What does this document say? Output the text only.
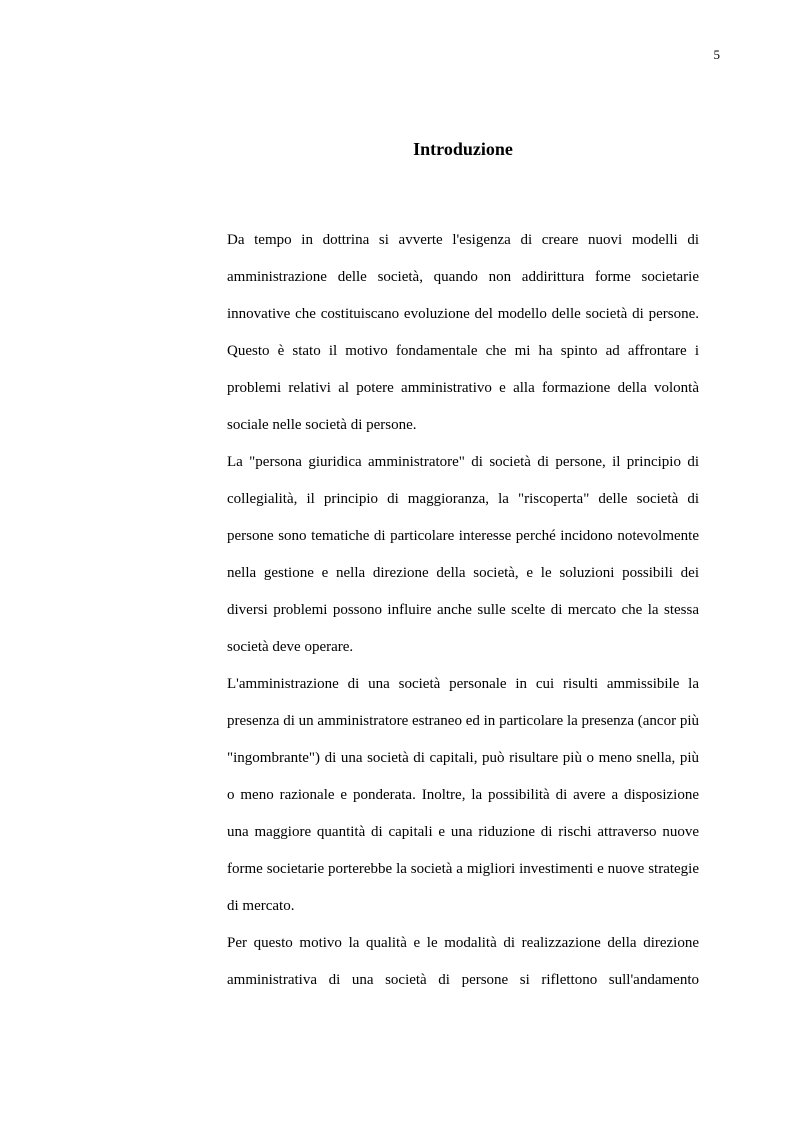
5
Introduzione

Da tempo in dottrina si avverte l'esigenza di creare nuovi modelli di amministrazione delle società, quando non addirittura forme societarie innovative che costituiscano evoluzione del modello delle società di persone. Questo è stato il motivo fondamentale che mi ha spinto ad affrontare i problemi relativi al potere amministrativo e alla formazione della volontà sociale nelle società di persone.

La "persona giuridica amministratore" di società di persone, il principio di collegialità, il principio di maggioranza, la "riscoperta" delle società di persone sono tematiche di particolare interesse perché incidono notevolmente nella gestione e nella direzione della società, e le soluzioni possibili dei diversi problemi possono influire anche sulle scelte di mercato che la stessa società deve operare.

L'amministrazione di una società personale in cui risulti ammissibile la presenza di un amministratore estraneo ed in particolare la presenza (ancor più "ingombrante") di una società di capitali, può risultare più o meno snella, più o meno razionale e ponderata. Inoltre, la possibilità di avere a disposizione una maggiore quantità di capitali e una riduzione di rischi attraverso nuove forme societarie porterebbe la società a migliori investimenti e nuove strategie di mercato.

Per questo motivo la qualità e le modalità di realizzazione della direzione amministrativa di una società di persone si riflettono sull'andamento
